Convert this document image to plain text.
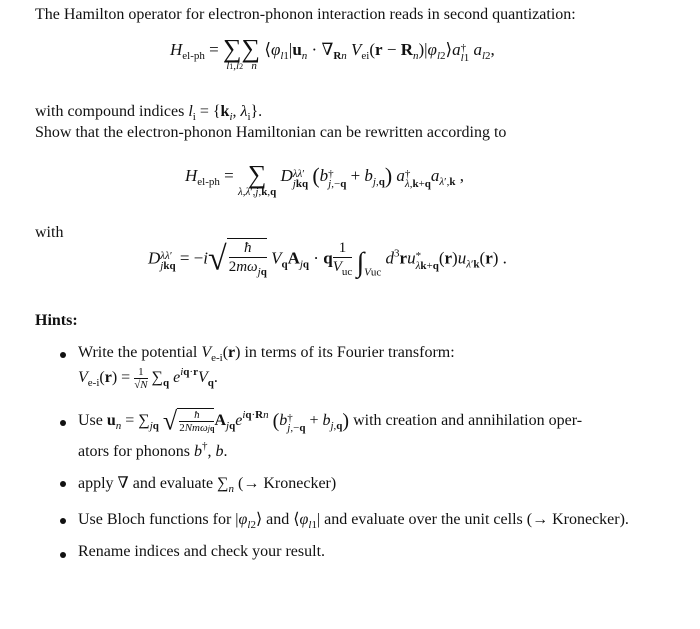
The Hamilton operator for electron-phonon interaction reads in second quantization:
$H_{el-ph}$ = ∑∑
l1,l2 n
$⟨\varphi_{l1}|u_n \cdot \nabla_{Rn}$ $V_{ei}(r$ − $R_n)|\varphi_{l2}⟩a$ †
l1 $a_{l2}$,
with compound indices $l_i = \{k_i$, $\lambda_i$}.
Show that the electron-phonon Hamiltonian can be rewritten according to
$H_{el-ph}$ = ∑
λ,λ′,j,k,q
D λλ′
jkq (b †
$j,-q + b_{j,q}$) a †
λ,k+q $a_{\lambda',k}$ ,
with
D λλ′
jkq = $-i√ \frac{ħ}{2m\omega_{jq}} V_qA_{jq} \cdot q \frac{1}{V_{uc}} \int_{Vuc}$ $d^3ru$ *
λk+q $(r)u_{\lambda'k}(r)$ .
Hints:
Write the potential $V_{e-i}(r)$ in terms of its Fourier transform:
$V_{e-i}(r) = \frac{1}{√N} \sum_q$ $e^{iq\cdot r}V_q$.
Use $u_n = \sum_{jq}$ √ $\frac{ħ}{\text{2Nmωjq}} A_{jq}e^{iq\cdot Rn}$ (b †
$j,-q + b_{j,q}$) with creation and annihilation oper-
ators for phonons b†, b.
apply ∇ and evaluate $\sum_n$ (→ Kronecker)
Use Bloch functions for $|\varphi_{l2}⟩$ and $⟨\varphi_{l1}|$ and evaluate over the unit cells (→ Kronecker).
Rename indices and check your result.
